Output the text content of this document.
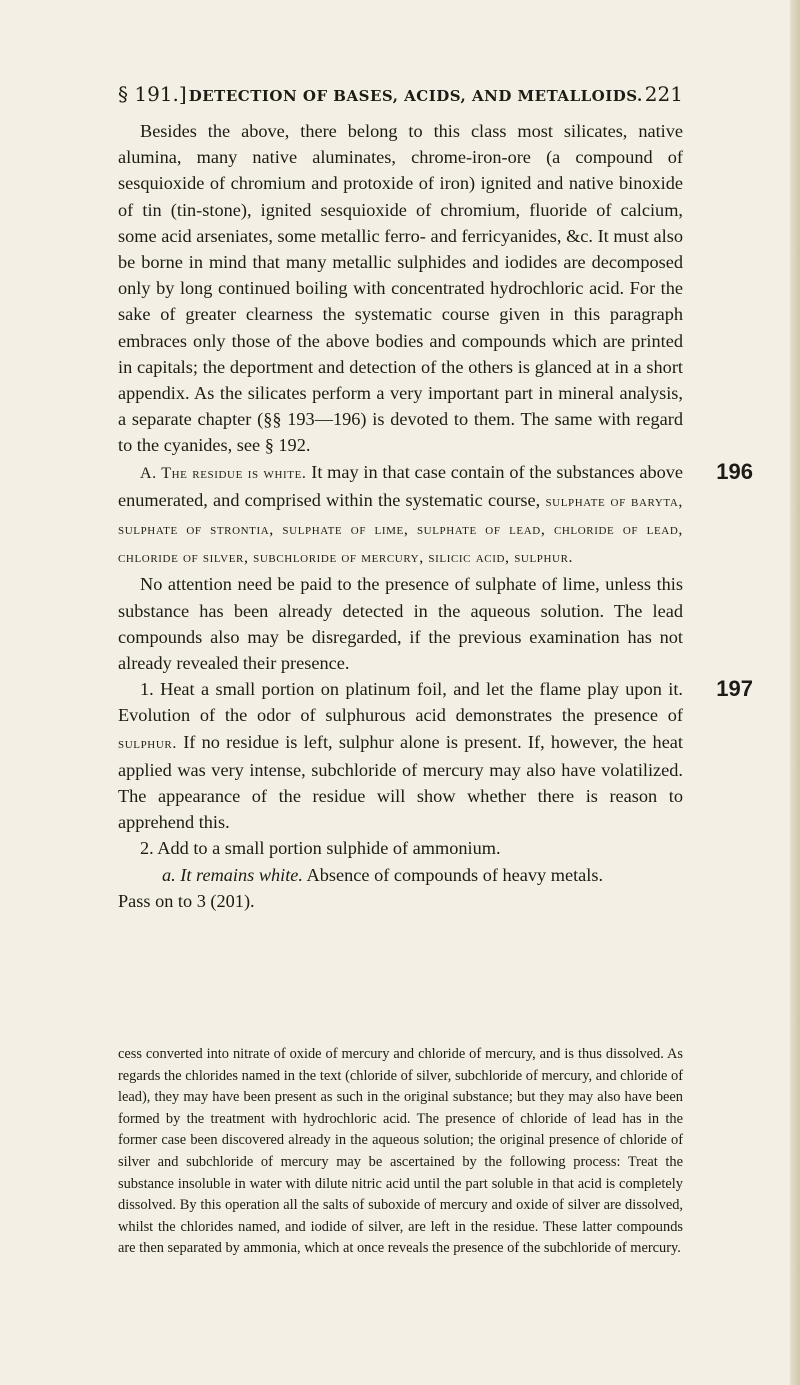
§ 191.] DETECTION OF BASES, ACIDS, AND METALLOIDS. 221

Besides the above, there belong to this class most silicates, native alumina, many native aluminates, chrome-iron-ore (a compound of sesquioxide of chromium and protoxide of iron) ignited and native binoxide of tin (tin-stone), ignited sesquioxide of chromium, fluoride of calcium, some acid arseniates, some metallic ferro- and ferricyanides, &c. It must also be borne in mind that many metallic sulphides and iodides are decomposed only by long continued boiling with concentrated hydrochloric acid. For the sake of greater clearness the systematic course given in this paragraph embraces only those of the above bodies and compounds which are printed in capitals; the deportment and detection of the others is glanced at in a short appendix. As the silicates perform a very important part in mineral analysis, a separate chapter (§§ 193—196) is devoted to them. The same with regard to the cyanides, see § 192.

A. The residue is white. It may in that case contain of the substances above enumerated, and comprised within the systematic course, sulphate of baryta, sulphate of strontia, sulphate of lime, sulphate of lead, chloride of lead, chloride of silver, subchloride of mercury, silicic acid, sulphur.

196

No attention need be paid to the presence of sulphate of lime, unless this substance has been already detected in the aqueous solution. The lead compounds also may be disregarded, if the previous examination has not already revealed their presence.

1. Heat a small portion on platinum foil, and let the flame play upon it. Evolution of the odor of sulphurous acid demonstrates the presence of sulphur. If no residue is left, sulphur alone is present. If, however, the heat applied was very intense, subchloride of mercury may also have volatilized. The appearance of the residue will show whether there is reason to apprehend this.

197

2. Add to a small portion sulphide of ammonium.

a. It remains white. Absence of compounds of heavy metals.

Pass on to 3 (201).

cess converted into nitrate of oxide of mercury and chloride of mercury, and is thus dissolved. As regards the chlorides named in the text (chloride of silver, subchloride of mercury, and chloride of lead), they may have been present as such in the original substance; but they may also have been formed by the treatment with hydrochloric acid. The presence of chloride of lead has in the former case been discovered already in the aqueous solution; the original presence of chloride of silver and subchloride of mercury may be ascertained by the following process: Treat the substance insoluble in water with dilute nitric acid until the part soluble in that acid is completely dissolved. By this operation all the salts of suboxide of mercury and oxide of silver are dissolved, whilst the chlorides named, and iodide of silver, are left in the residue. These latter compounds are then separated by ammonia, which at once reveals the presence of the subchloride of mercury.
